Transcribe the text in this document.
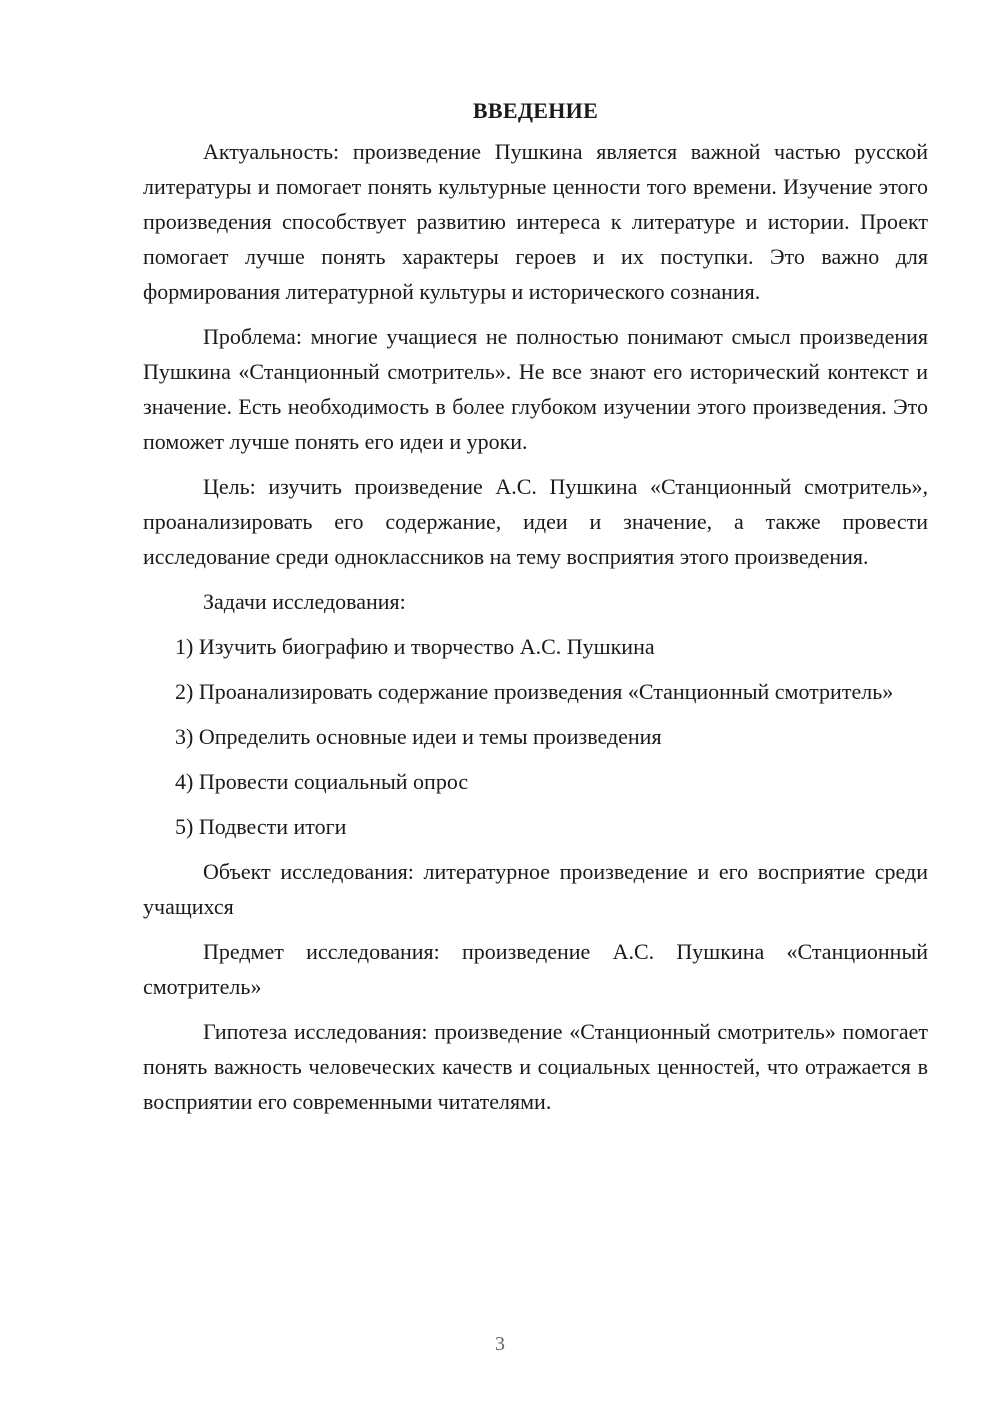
ВВЕДЕНИЕ

Актуальность: произведение Пушкина является важной частью русской литературы и помогает понять культурные ценности того времени. Изучение этого произведения способствует развитию интереса к литературе и истории. Проект помогает лучше понять характеры героев и их поступки. Это важно для формирования литературной культуры и исторического сознания.

Проблема: многие учащиеся не полностью понимают смысл произведения Пушкина «Станционный смотритель». Не все знают его исторический контекст и значение. Есть необходимость в более глубоком изучении этого произведения. Это поможет лучше понять его идеи и уроки.

Цель: изучить произведение А.С. Пушкина «Станционный смотритель», проанализировать его содержание, идеи и значение, а также провести исследование среди одноклассников на тему восприятия этого произведения.

Задачи исследования:

1) Изучить биографию и творчество А.С. Пушкина

2) Проанализировать содержание произведения «Станционный смотритель»

3) Определить основные идеи и темы произведения

4) Провести социальный опрос

5) Подвести итоги

Объект исследования: литературное произведение и его восприятие среди учащихся

Предмет исследования: произведение А.С. Пушкина «Станционный смотритель»

Гипотеза исследования: произведение «Станционный смотритель» помогает понять важность человеческих качеств и социальных ценностей, что отражается в восприятии его современными читателями.

3
